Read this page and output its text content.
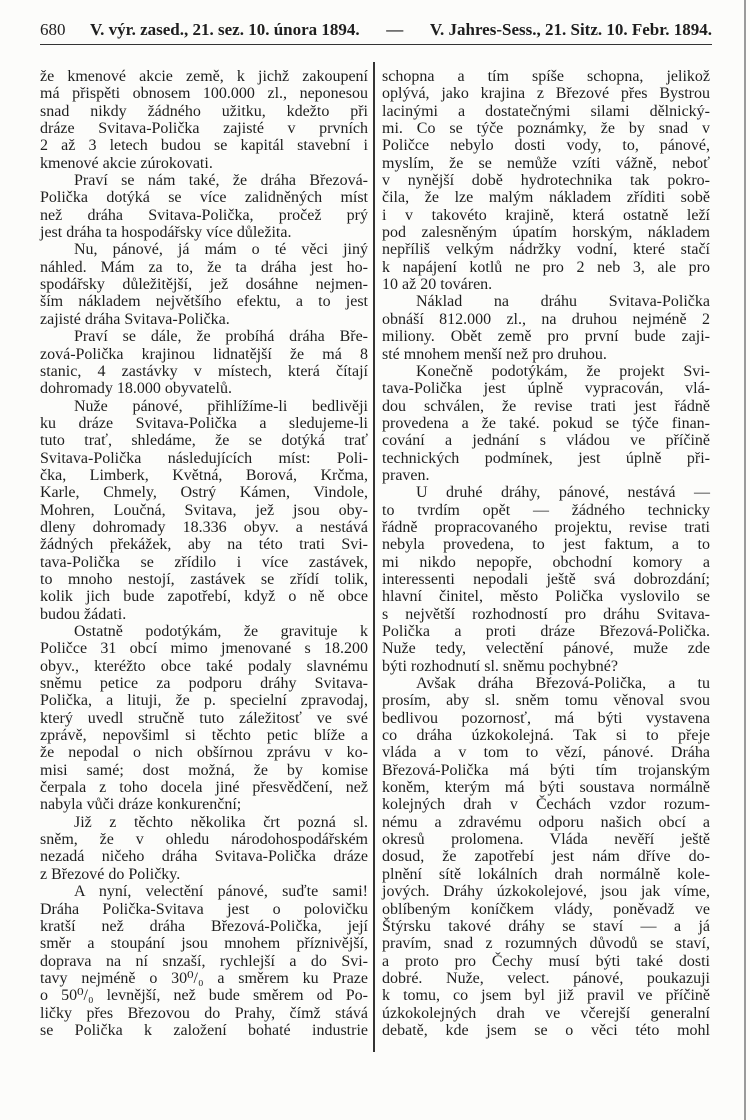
680 V. výr. zased., 21. sez. 10. února 1894. — V. Jahres-Sess., 21. Sitz. 10. Febr. 1894.
že kmenové akcie země, k jichž zakoupení
má přispěti obnosem 100.000 zl., neponesou
snad nikdy žádného užitku, kdežto při
dráze Svitava-Polička zajisté v prvních
2 až 3 letech budou se kapitál stavební i
kmenové akcie zúrokovati.
Praví se nám také, že dráha Březová-
Polička dotýká se více zalidněných míst
než dráha Svitava-Polička, pročež prý
jest dráha ta hospodářsky více důležita.
Nu, pánové, já mám o té věci jiný
náhled. Mám za to, že ta dráha jest ho-
spodářsky důležitější, jež dosáhne nejmen-
ším nákladem největšího efektu, a to jest
zajisté dráha Svitava-Polička.
Praví se dále, že probíhá dráha Bře-
zová-Polička krajinou lidnatější že má 8
stanic, 4 zastávky v místech, která čítají
dohromady 18.000 obyvatelů.
Nuže pánové, přihlížíme-li bedlivěji
ku dráze Svitava-Polička a sledujeme-li
tuto trať, shledáme, že se dotýká trať
Svitava-Polička následujících míst: Poli-
čka, Limberk, Květná, Borová, Krčma,
Karle, Chmely, Ostrý Kámen, Vindole,
Mohren, Loučná, Svitava, jež jsou oby-
dleny dohromady 18.336 obyv. a nestává
žádných překážek, aby na této trati Svi-
tava-Polička se zřídilo i více zastávek,
to mnoho nestojí, zastávek se zřídí tolik,
kolik jich bude zapotřebí, když o ně obce
budou žádati.
Ostatně podotýkám, že gravituje k
Poličce 31 obcí mimo jmenované s 18.200
obyv., kteréžto obce také podaly slavnému
sněmu petice za podporu dráhy Svitava-
Polička, a lituji, že p. specielní zpravodaj,
který uvedl stručně tuto záležitosť ve své
zprávě, nepovšiml si těchto petic blíže a
že nepodal o nich obšírnou zprávu v ko-
misi samé; dost možná, že by komise
čerpala z toho docela jiné přesvědčení, než
nabyla vůči dráze konkurenční;
Již z těchto několika črt pozná sl.
sněm, že v ohledu národohospodářském
nezadá ničeho dráha Svitava-Polička dráze
z Březové do Poličky.
A nyní, velectění pánové, suďte sami!
Dráha Polička-Svitava jest o polovičku
kratší než dráha Březová-Polička, její
směr a stoupání jsou mnohem příznivější,
doprava na ní snzaší, rychlejší a do Svi-
tavy nejméně o 30⁰/₀ a směrem ku Praze
o 50⁰/₀ levnější, než bude směrem od Po-
ličky přes Březovou do Prahy, čímž stává
se Polička k založení bohaté industrie
schopna a tím spíše schopna, jelikož
oplývá, jako krajina z Březové přes Bystrou
lacinými a dostatečnými silami dělnický-
mi. Co se týče poznámky, že by snad v
Poličce nebylo dosti vody, to, pánové,
myslím, že se nemůže vzíti vážně, neboť
v nynější době hydrotechnika tak pokro-
čila, že lze malým nákladem zříditi sobě
i v takovéto krajině, která ostatně leží
pod zalesněným úpatím horským, nákladem
nepříliš velkým nádržky vodní, které stačí
k napájení kotlů ne pro 2 neb 3, ale pro
10 až 20 továren.
Náklad na dráhu Svitava-Polička
obnáší 812.000 zl., na druhou nejméně 2
miliony. Obět země pro první bude zaji-
sté mnohem menší než pro druhou.
Konečně podotýkám, že projekt Svi-
tava-Polička jest úplně vypracován, vlá-
dou schválen, že revise trati jest řádně
provedena a že také. pokud se týče finan-
cování a jednání s vládou ve příčině
technických podmínek, jest úplně při-
praven.
U druhé dráhy, pánové, nestává —
to tvrdím opět — žádného technicky
řádně propracovaného projektu, revise trati
nebyla provedena, to jest faktum, a to
mi nikdo nepopře, obchodní komory a
interessenti nepodali ještě svá dobrozdání;
hlavní činitel, město Polička vyslovilo se
s největší rozhodností pro dráhu Svitava-
Polička a proti dráze Březová-Polička.
Nuže tedy, velectění pánové, muže zde
býti rozhodnutí sl. sněmu pochybné?
Avšak dráha Březová-Polička, a tu
prosím, aby sl. sněm tomu věnoval svou
bedlivou pozornosť, má býti vystavena
co dráha úzkokolejná. Tak si to přeje
vláda a v tom to vězí, pánové. Dráha
Březová-Polička má býti tím trojanským
koněm, kterým má býti soustava normálně
kolejných drah v Čechách vzdor rozum-
nému a zdravému odporu našich obcí a
okresů prolomena. Vláda nevěří ještě
dosud, že zapotřebí jest nám dříve do-
plnění sítě lokálních drah normálně kole-
jových. Dráhy úzkokolejové, jsou jak víme,
oblíbeným koníčkem vlády, poněvadž ve
Štýrsku takové dráhy se staví — a já
pravím, snad z rozumných důvodů se staví,
a proto pro Čechy musí býti také dosti
dobré. Nuže, velect. pánové, poukazuji
k tomu, co jsem byl již pravil ve příčině
úzkokolejných drah ve včerejší generalní
debatě, kde jsem se o věci této mohl
